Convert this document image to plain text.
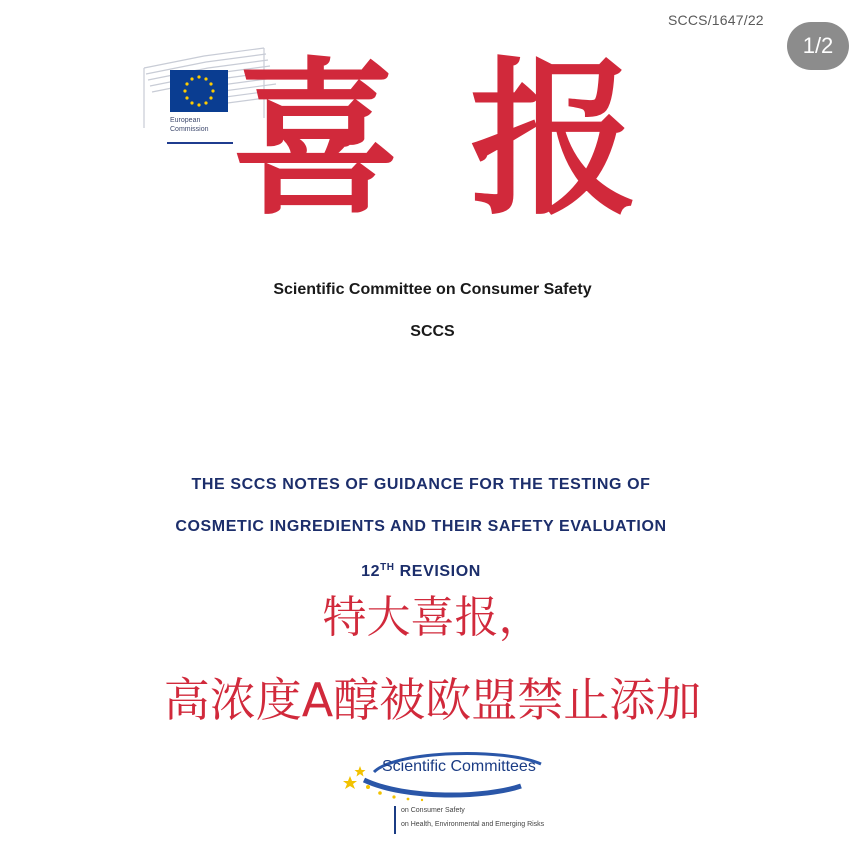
SCCS/1647/22
1/2
European
Commission 喜报
Scientific Committee on Consumer Safety
SCCS
THE SCCS NOTES OF GUIDANCE FOR THE TESTING OF
COSMETIC INGREDIENTS AND THEIR SAFETY EVALUATION
12TH REVISION
特大喜报，
高浓度A醇被欧盟禁止添加
Scientific Committees
on Consumer Safety
on Health, Environmental and Emerging Risks
